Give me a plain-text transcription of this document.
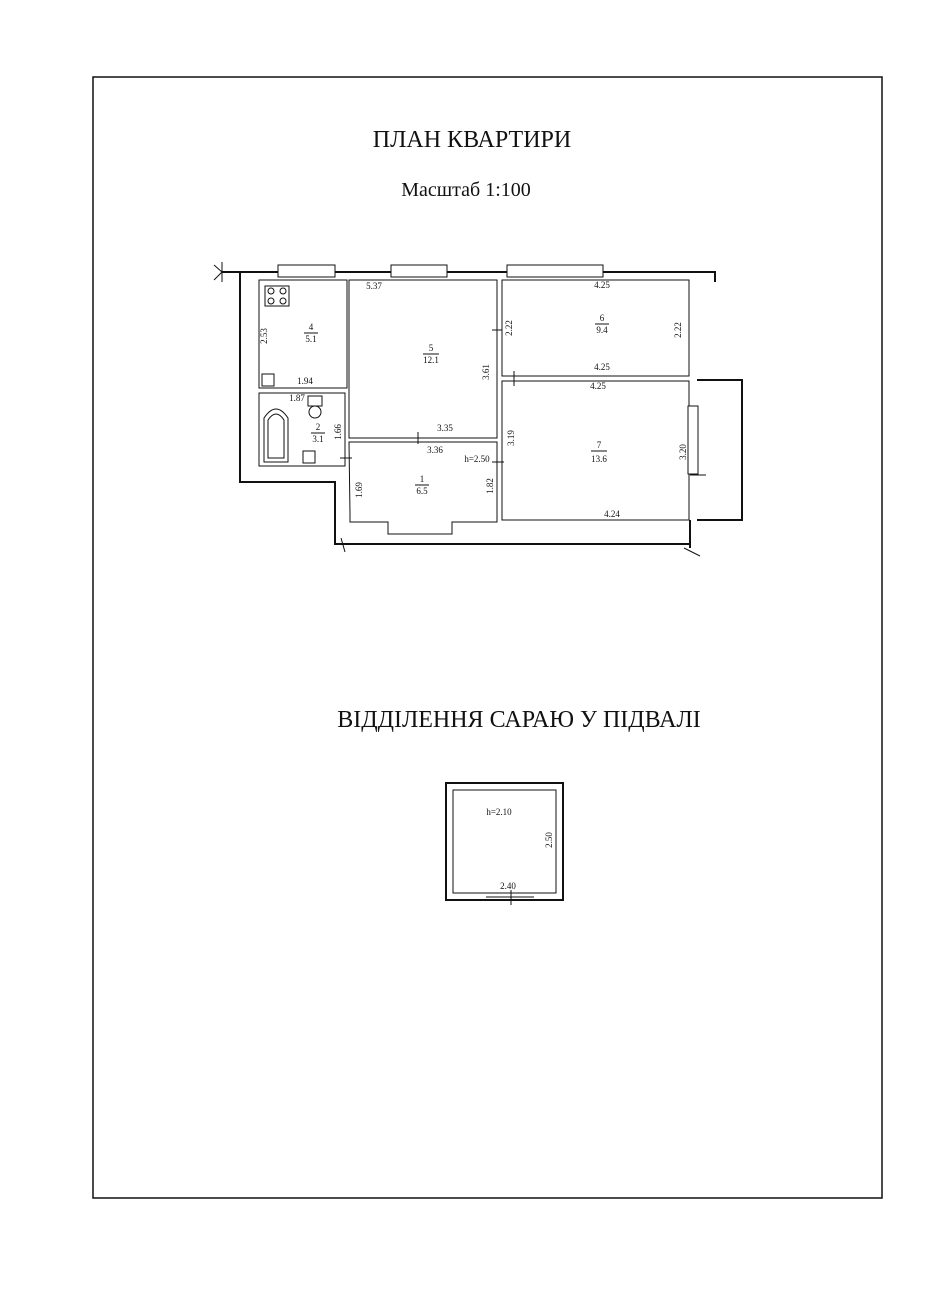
ПЛАН КВАРТИРИ
Масштаб 1:100
4
5.1
5
12.1
6
9.4
2
3.1
1
6.5
7
13.6
h=2.50
2.53
1.94
5.37
3.61
3.35
1.87
1.66
3.36
1.69	1.82
4.25
2.22	2.22
4.25
4.25
3.19
3.20
4.24
ВІДДІЛЕННЯ САРАЮ У ПІДВАЛІ
h=2.10
2.50
2.40
